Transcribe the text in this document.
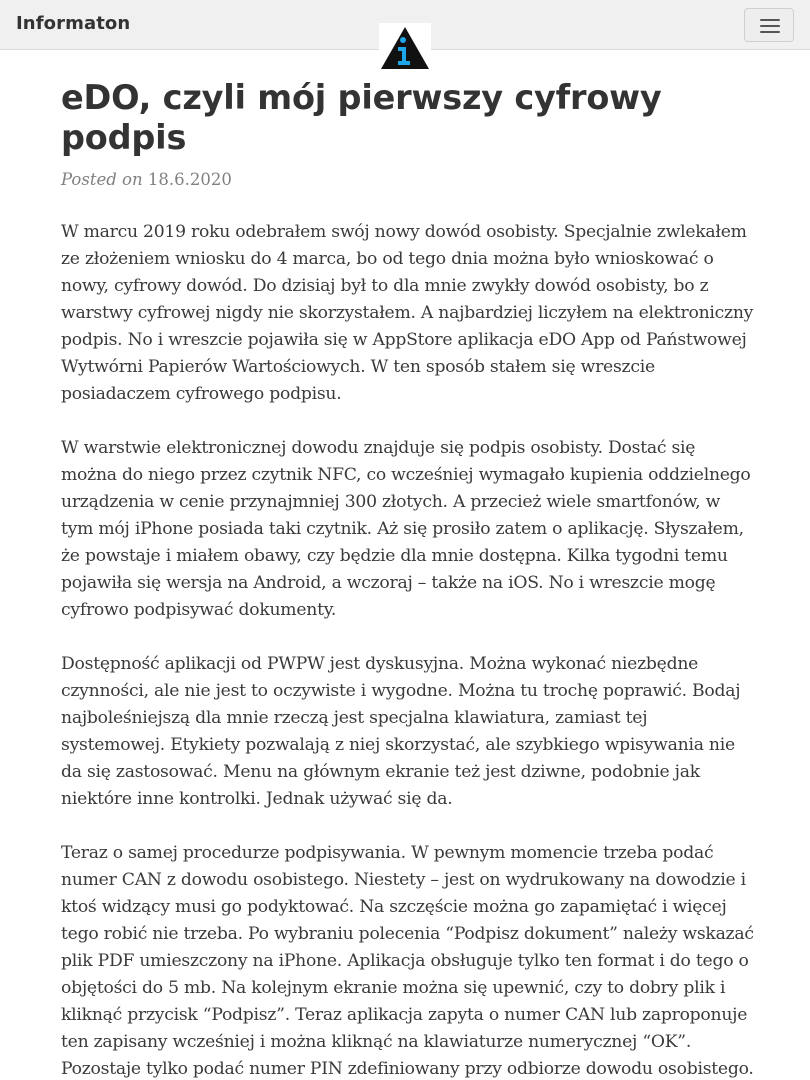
Informaton
eDO, czyli mój pierwszy cyfrowy podpis
Posted on 18.6.2020

W marcu 2019 roku odebrałem swój nowy dowód osobisty. Specjalnie zwlekałem ze złożeniem wniosku do 4 marca, bo od tego dnia można było wnioskować o nowy, cyfrowy dowód. Do dzisiaj był to dla mnie zwykły dowód osobisty, bo z warstwy cyfrowej nigdy nie skorzystałem. A najbardziej liczyłem na elektroniczny podpis. No i wreszcie pojawiła się w AppStore aplikacja eDO App od Państwowej Wytwórni Papierów Wartościowych. W ten sposób stałem się wreszcie posiadaczem cyfrowego podpisu.

W warstwie elektronicznej dowodu znajduje się podpis osobisty. Dostać się można do niego przez czytnik NFC, co wcześniej wymagało kupienia oddzielnego urządzenia w cenie przynajmniej 300 złotych. A przecież wiele smartfonów, w tym mój iPhone posiada taki czytnik. Aż się prosiło zatem o aplikację. Słyszałem, że powstaje i miałem obawy, czy będzie dla mnie dostępna. Kilka tygodni temu pojawiła się wersja na Android, a wczoraj – także na iOS. No i wreszcie mogę cyfrowo podpisywać dokumenty.

Dostępność aplikacji od PWPW jest dyskusyjna. Można wykonać niezbędne czynności, ale nie jest to oczywiste i wygodne. Można tu trochę poprawić. Bodaj najboleśniejszą dla mnie rzeczą jest specjalna klawiatura, zamiast tej systemowej. Etykiety pozwalają z niej skorzystać, ale szybkiego wpisywania nie da się zastosować. Menu na głównym ekranie też jest dziwne, podobnie jak niektóre inne kontrolki. Jednak używać się da.

Teraz o samej procedurze podpisywania. W pewnym momencie trzeba podać numer CAN z dowodu osobistego. Niestety – jest on wydrukowany na dowodzie i ktoś widzący musi go podyktować. Na szczęście można go zapamiętać i więcej tego robić nie trzeba. Po wybraniu polecenia “Podpisz dokument” należy wskazać plik PDF umieszczony na iPhone. Aplikacja obsługuje tylko ten format i do tego o objętości do 5 mb. Na kolejnym ekranie można się upewnić, czy to dobry plik i kliknąć przycisk “Podpisz”. Teraz aplikacja zapyta o numer CAN lub zaproponuje ten zapisany wcześniej i można kliknąć na klawiaturze numerycznej “OK”. Pozostaje tylko podać numer PIN zdefiniowany przy odbiorze dowodu osobistego.
